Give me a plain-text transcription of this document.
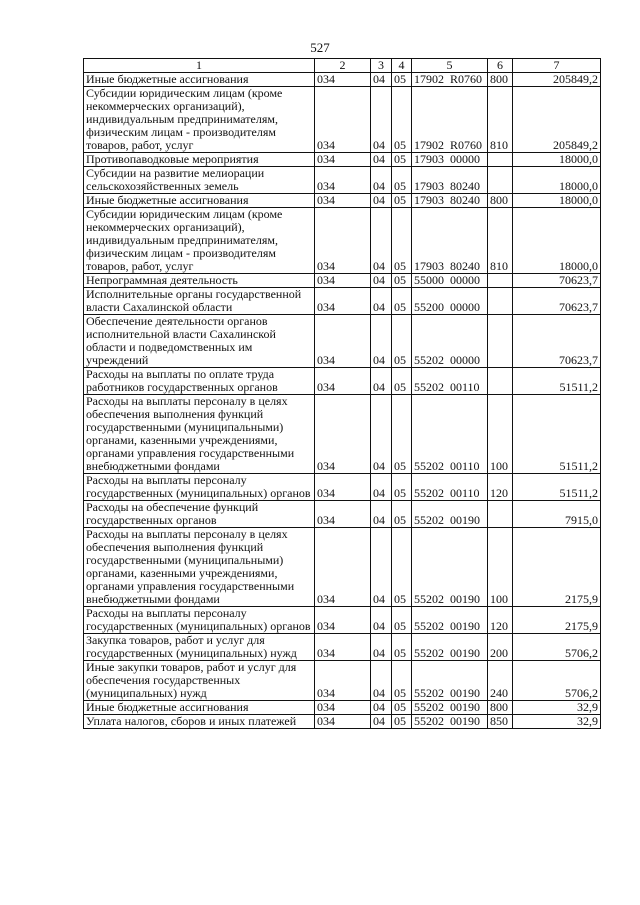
527
1	2	3	4	5	6	7
Иные бюджетные ассигнования	034	04	05	17902 R0760	800	205849,2
Субсидии юридическим лицам (кроме некоммерческих организаций), индивидуальным предпринимателям, физическим лицам - производителям товаров, работ, услуг	034	04	05	17902 R0760	810	205849,2
Противопаводковые мероприятия	034	04	05	17903 00000		18000,0
Субсидии на развитие мелиорации сельскохозяйственных земель	034	04	05	17903 80240		18000,0
Иные бюджетные ассигнования	034	04	05	17903 80240	800	18000,0
Субсидии юридическим лицам (кроме некоммерческих организаций), индивидуальным предпринимателям, физическим лицам - производителям товаров, работ, услуг	034	04	05	17903 80240	810	18000,0
Непрограммная деятельность	034	04	05	55000 00000		70623,7
Исполнительные органы государственной власти Сахалинской области	034	04	05	55200 00000		70623,7
Обеспечение деятельности органов исполнительной власти Сахалинской области и подведомственных им учреждений	034	04	05	55202 00000		70623,7
Расходы на выплаты по оплате труда работников государственных органов	034	04	05	55202 00110		51511,2
Расходы на выплаты персоналу в целях обеспечения выполнения функций государственными (муниципальными) органами, казенными учреждениями, органами управления государственными внебюджетными фондами	034	04	05	55202 00110	100	51511,2
Расходы на выплаты персоналу государственных (муниципальных) органов	034	04	05	55202 00110	120	51511,2
Расходы на обеспечение функций государственных органов	034	04	05	55202 00190		7915,0
Расходы на выплаты персоналу в целях обеспечения выполнения функций государственными (муниципальными) органами, казенными учреждениями, органами управления государственными внебюджетными фондами	034	04	05	55202 00190	100	2175,9
Расходы на выплаты персоналу государственных (муниципальных) органов	034	04	05	55202 00190	120	2175,9
Закупка товаров, работ и услуг для государственных (муниципальных) нужд	034	04	05	55202 00190	200	5706,2
Иные закупки товаров, работ и услуг для обеспечения государственных (муниципальных) нужд	034	04	05	55202 00190	240	5706,2
Иные бюджетные ассигнования	034	04	05	55202 00190	800	32,9
Уплата налогов, сборов и иных платежей	034	04	05	55202 00190	850	32,9
